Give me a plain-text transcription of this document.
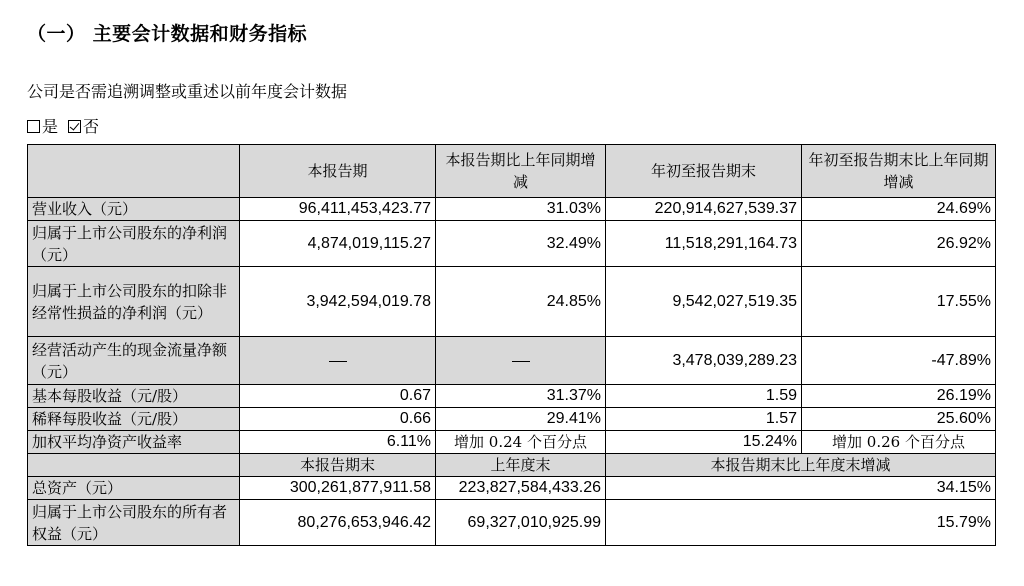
（一） 主要会计数据和财务指标
公司是否需追溯调整或重述以前年度会计数据
是 否
	本报告期	本报告期比上年同期增减	年初至报告期末	年初至报告期末比上年同期增减
营业收入（元）	96,411,453,423.77	31.03%	220,914,627,539.37	24.69%
归属于上市公司股东的净利润（元）	4,874,019,115.27	32.49%	11,518,291,164.73	26.92%
归属于上市公司股东的扣除非经常性损益的净利润（元）	3,942,594,019.78	24.85%	9,542,027,519.35	17.55%
经营活动产生的现金流量净额（元）			3,478,039,289.23	-47.89%
基本每股收益（元/股）	0.67	31.37%	1.59	26.19%
稀释每股收益（元/股）	0.66	29.41%	1.57	25.60%
加权平均净资产收益率	6.11%	增加 0.24 个百分点	15.24%	增加 0.26 个百分点
	本报告期末	上年度末	本报告期末比上年度末增减	
总资产（元）	300,261,877,911.58	223,827,584,433.26	34.15%	
归属于上市公司股东的所有者权益（元）	80,276,653,946.42	69,327,010,925.99	15.79%	
